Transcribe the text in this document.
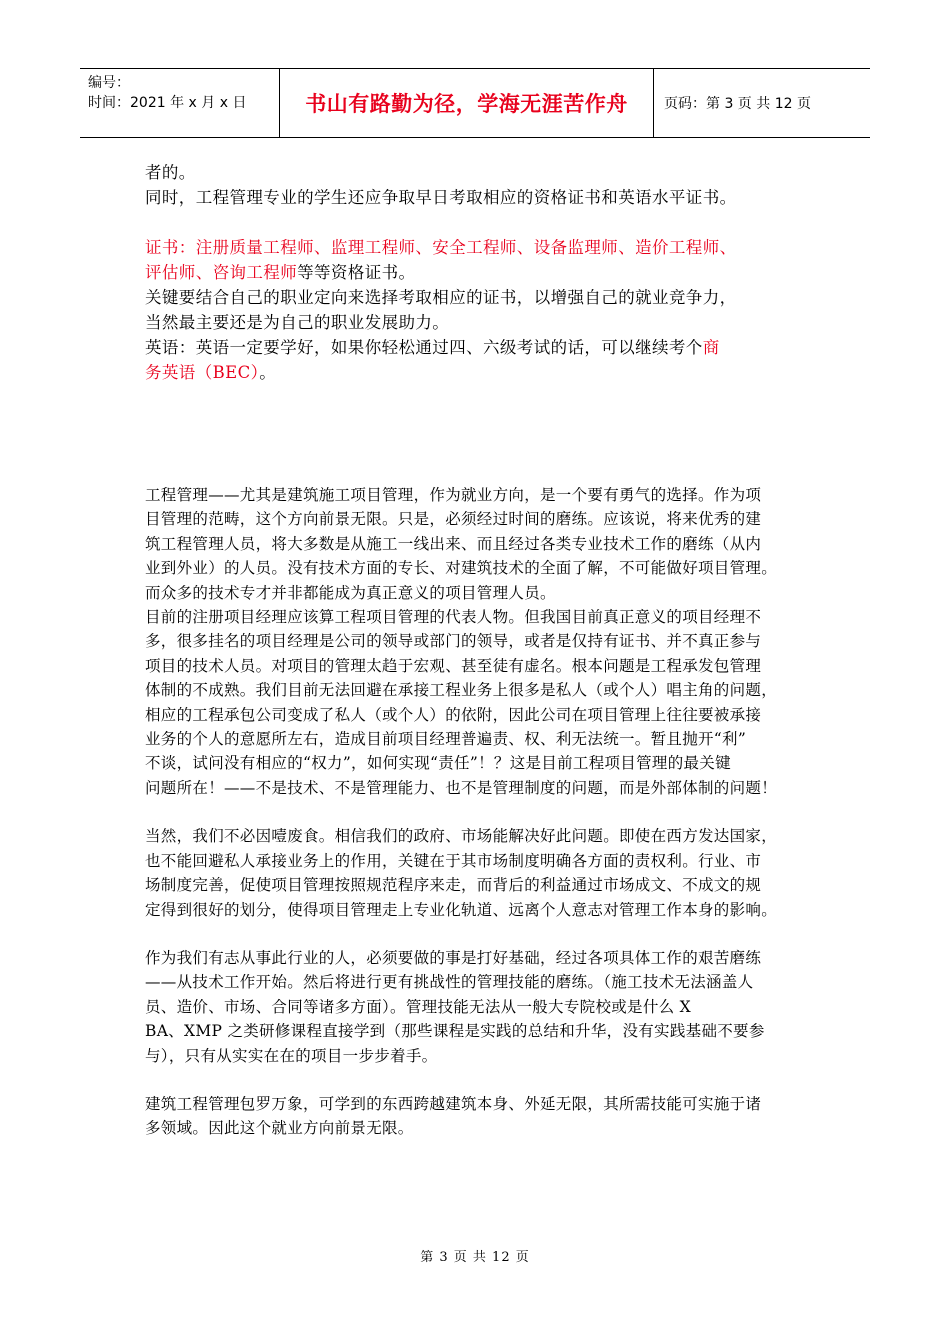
编号：
时间：2021 年 x 月 x 日	书山有路勤为径，学海无涯苦作舟	页码：第 3 页 共 12 页

者的。

同时，工程管理专业的学生还应争取早日考取相应的资格证书和英语水平证书。

证书：注册质量工程师、监理工程师、安全工程师、设备监理师、造价工程师、

评估师、咨询工程师等等资格证书。

关键要结合自己的职业定向来选择考取相应的证书，以增强自己的就业竞争力，

当然最主要还是为自己的职业发展助力。

英语：英语一定要学好，如果你轻松通过四、六级考试的话，可以继续考个商

务英语（BEC）。

工程管理——尤其是建筑施工项目管理，作为就业方向，是一个要有勇气的选择。作为项

目管理的范畴，这个方向前景无限。只是，必须经过时间的磨练。应该说，将来优秀的建

筑工程管理人员，将大多数是从施工一线出来、而且经过各类专业技术工作的磨练（从内

业到外业）的人员。没有技术方面的专长、对建筑技术的全面了解，不可能做好项目管理。

而众多的技术专才并非都能成为真正意义的项目管理人员。

目前的注册项目经理应该算工程项目管理的代表人物。但我国目前真正意义的项目经理不

多，很多挂名的项目经理是公司的领导或部门的领导，或者是仅持有证书、并不真正参与

项目的技术人员。对项目的管理太趋于宏观、甚至徒有虚名。根本问题是工程承发包管理

体制的不成熟。我们目前无法回避在承接工程业务上很多是私人（或个人）唱主角的问题，

相应的工程承包公司变成了私人（或个人）的依附，因此公司在项目管理上往往要被承接

业务的个人的意愿所左右，造成目前项目经理普遍责、权、利无法统一。暂且抛开“利”

不谈，试问没有相应的“权力”，如何实现“责任”！？这是目前工程项目管理的最关键

问题所在！——不是技术、不是管理能力、也不是管理制度的问题，而是外部体制的问题！

当然，我们不必因噎废食。相信我们的政府、市场能解决好此问题。即使在西方发达国家，

也不能回避私人承接业务上的作用，关键在于其市场制度明确各方面的责权利。行业、市

场制度完善，促使项目管理按照规范程序来走，而背后的利益通过市场成文、不成文的规

定得到很好的划分，使得项目管理走上专业化轨道、远离个人意志对管理工作本身的影响。

作为我们有志从事此行业的人，必须要做的事是打好基础，经过各项具体工作的艰苦磨练

——从技术工作开始。然后将进行更有挑战性的管理技能的磨练。（施工技术无法涵盖人

员、造价、市场、合同等诸多方面）。管理技能无法从一般大专院校或是什么 X

BA、XMP 之类研修课程直接学到（那些课程是实践的总结和升华，没有实践基础不要参

与），只有从实实在在的项目一步步着手。

建筑工程管理包罗万象，可学到的东西跨越建筑本身、外延无限，其所需技能可实施于诸

多领域。因此这个就业方向前景无限。

第 3 页 共 12 页
